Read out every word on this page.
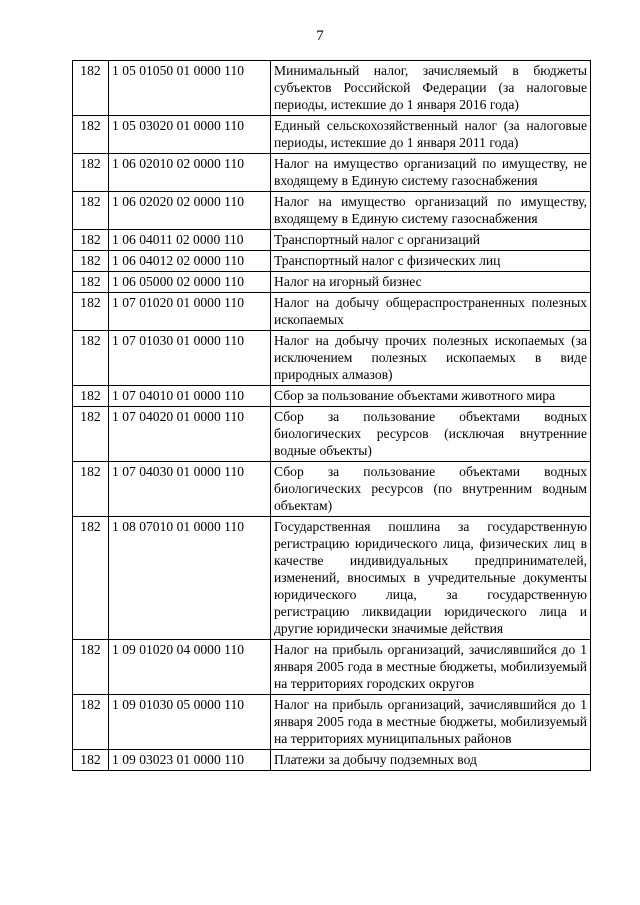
7
182	1 05 01050 01 0000 110	Минимальный налог, зачисляемый в бюджеты субъектов Российской Федерации (за налоговые периоды, истекшие до 1 января 2016 года)
182	1 05 03020 01 0000 110	Единый сельскохозяйственный налог (за налоговые периоды, истекшие до 1 января 2011 года)
182	1 06 02010 02 0000 110	Налог на имущество организаций по имуществу, не входящему в Единую систему газоснабжения
182	1 06 02020 02 0000 110	Налог на имущество организаций по имуществу, входящему в Единую систему газоснабжения
182	1 06 04011 02 0000 110	Транспортный налог с организаций
182	1 06 04012 02 0000 110	Транспортный налог с физических лиц
182	1 06 05000 02 0000 110	Налог на игорный бизнес
182	1 07 01020 01 0000 110	Налог на добычу общераспространенных полезных ископаемых
182	1 07 01030 01 0000 110	Налог на добычу прочих полезных ископаемых (за исключением полезных ископаемых в виде природных алмазов)
182	1 07 04010 01 0000 110	Сбор за пользование объектами животного мира
182	1 07 04020 01 0000 110	Сбор за пользование объектами водных биологических ресурсов (исключая внутренние водные объекты)
182	1 07 04030 01 0000 110	Сбор за пользование объектами водных биологических ресурсов (по внутренним водным объектам)
182	1 08 07010 01 0000 110	Государственная пошлина за государственную регистрацию юридического лица, физических лиц в качестве индивидуальных предпринимателей, изменений, вносимых в учредительные документы юридического лица, за государственную регистрацию ликвидации юридического лица и другие юридически значимые действия
182	1 09 01020 04 0000 110	Налог на прибыль организаций, зачислявшийся до 1 января 2005 года в местные бюджеты, мобилизуемый на территориях городских округов
182	1 09 01030 05 0000 110	Налог на прибыль организаций, зачислявшийся до 1 января 2005 года в местные бюджеты, мобилизуемый на территориях муниципальных районов
182	1 09 03023 01 0000 110	Платежи за добычу подземных вод
